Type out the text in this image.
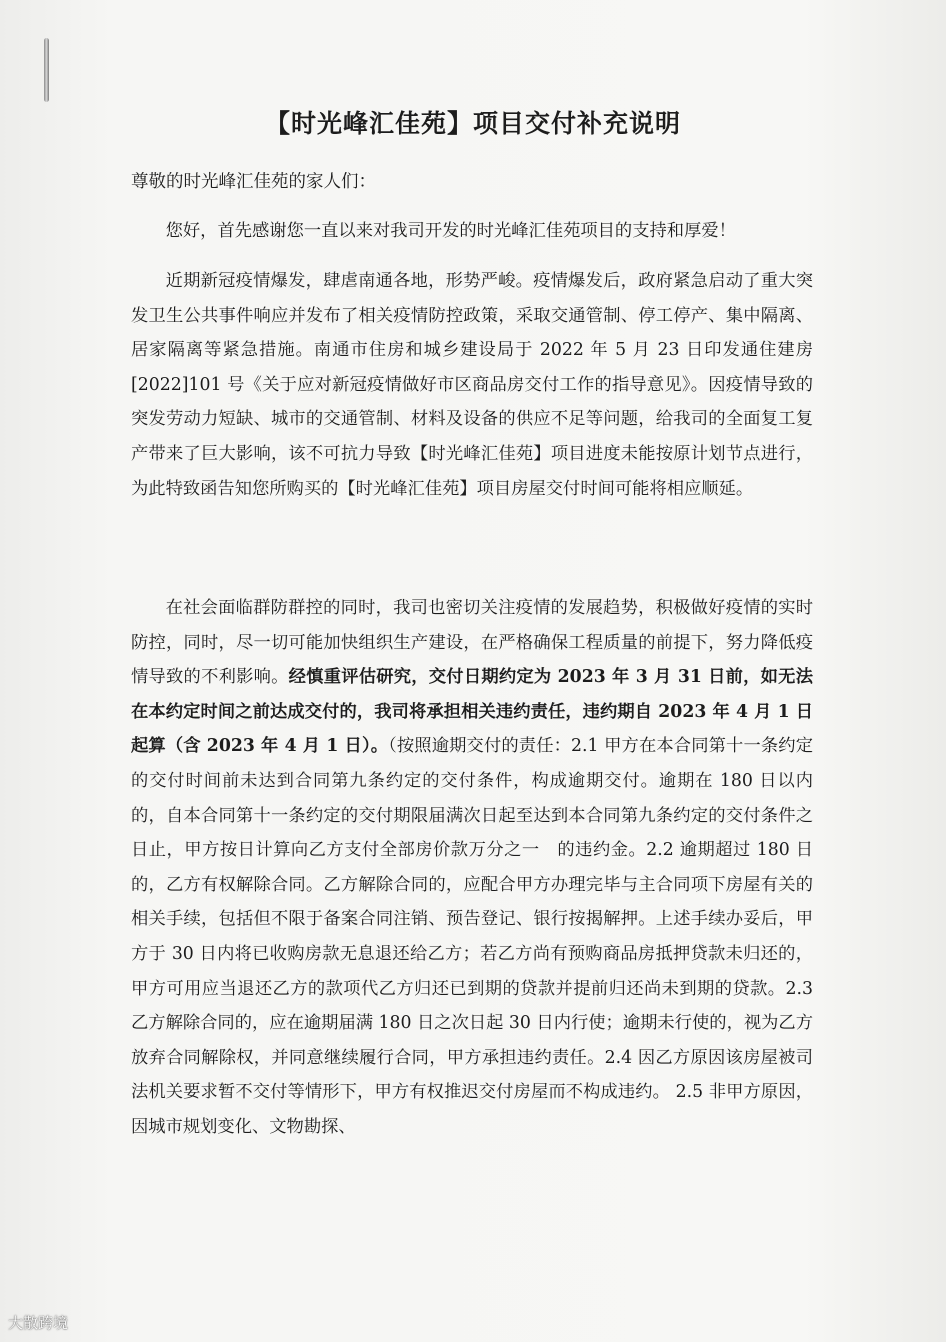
【时光峰汇佳苑】项目交付补充说明
尊敬的时光峰汇佳苑的家人们：

您好，首先感谢您一直以来对我司开发的时光峰汇佳苑项目的支持和厚爱！

近期新冠疫情爆发，肆虐南通各地，形势严峻。疫情爆发后，政府紧急启动了重大突发卫生公共事件响应并发布了相关疫情防控政策，采取交通管制、停工停产、集中隔离、居家隔离等紧急措施。南通市住房和城乡建设局于 2022 年 5 月 23 日印发通住建房[2022]101 号《关于应对新冠疫情做好市区商品房交付工作的指导意见》。因疫情导致的突发劳动力短缺、城市的交通管制、材料及设备的供应不足等问题，给我司的全面复工复产带来了巨大影响，该不可抗力导致【时光峰汇佳苑】项目进度未能按原计划节点进行，为此特致函告知您所购买的【时光峰汇佳苑】项目房屋交付时间可能将相应顺延。

在社会面临群防群控的同时，我司也密切关注疫情的发展趋势，积极做好疫情的实时防控，同时，尽一切可能加快组织生产建设，在严格确保工程质量的前提下，努力降低疫情导致的不利影响。经慎重评估研究，交付日期约定为 2023 年 3 月 31 日前，如无法在本约定时间之前达成交付的，我司将承担相关违约责任，违约期自 2023 年 4 月 1 日起算（含 2023 年 4 月 1 日）。（按照逾期交付的责任：2.1 甲方在本合同第十一条约定的交付时间前未达到合同第九条约定的交付条件，构成逾期交付。逾期在 180 日以内的，自本合同第十一条约定的交付期限届满次日起至达到本合同第九条约定的交付条件之日止，甲方按日计算向乙方支付全部房价款万分之一　的违约金。2.2 逾期超过 180 日的，乙方有权解除合同。乙方解除合同的，应配合甲方办理完毕与主合同项下房屋有关的相关手续，包括但不限于备案合同注销、预告登记、银行按揭解押。上述手续办妥后，甲方于 30 日内将已收购房款无息退还给乙方；若乙方尚有预购商品房抵押贷款未归还的，甲方可用应当退还乙方的款项代乙方归还已到期的贷款并提前归还尚未到期的贷款。2.3 乙方解除合同的，应在逾期届满 180 日之次日起 30 日内行使；逾期未行使的，视为乙方放弃合同解除权，并同意继续履行合同，甲方承担违约责任。2.4 因乙方原因该房屋被司法机关要求暂不交付等情形下，甲方有权推迟交付房屋而不构成违约。 2.5 非甲方原因，因城市规划变化、文物勘探、

大散跨境
